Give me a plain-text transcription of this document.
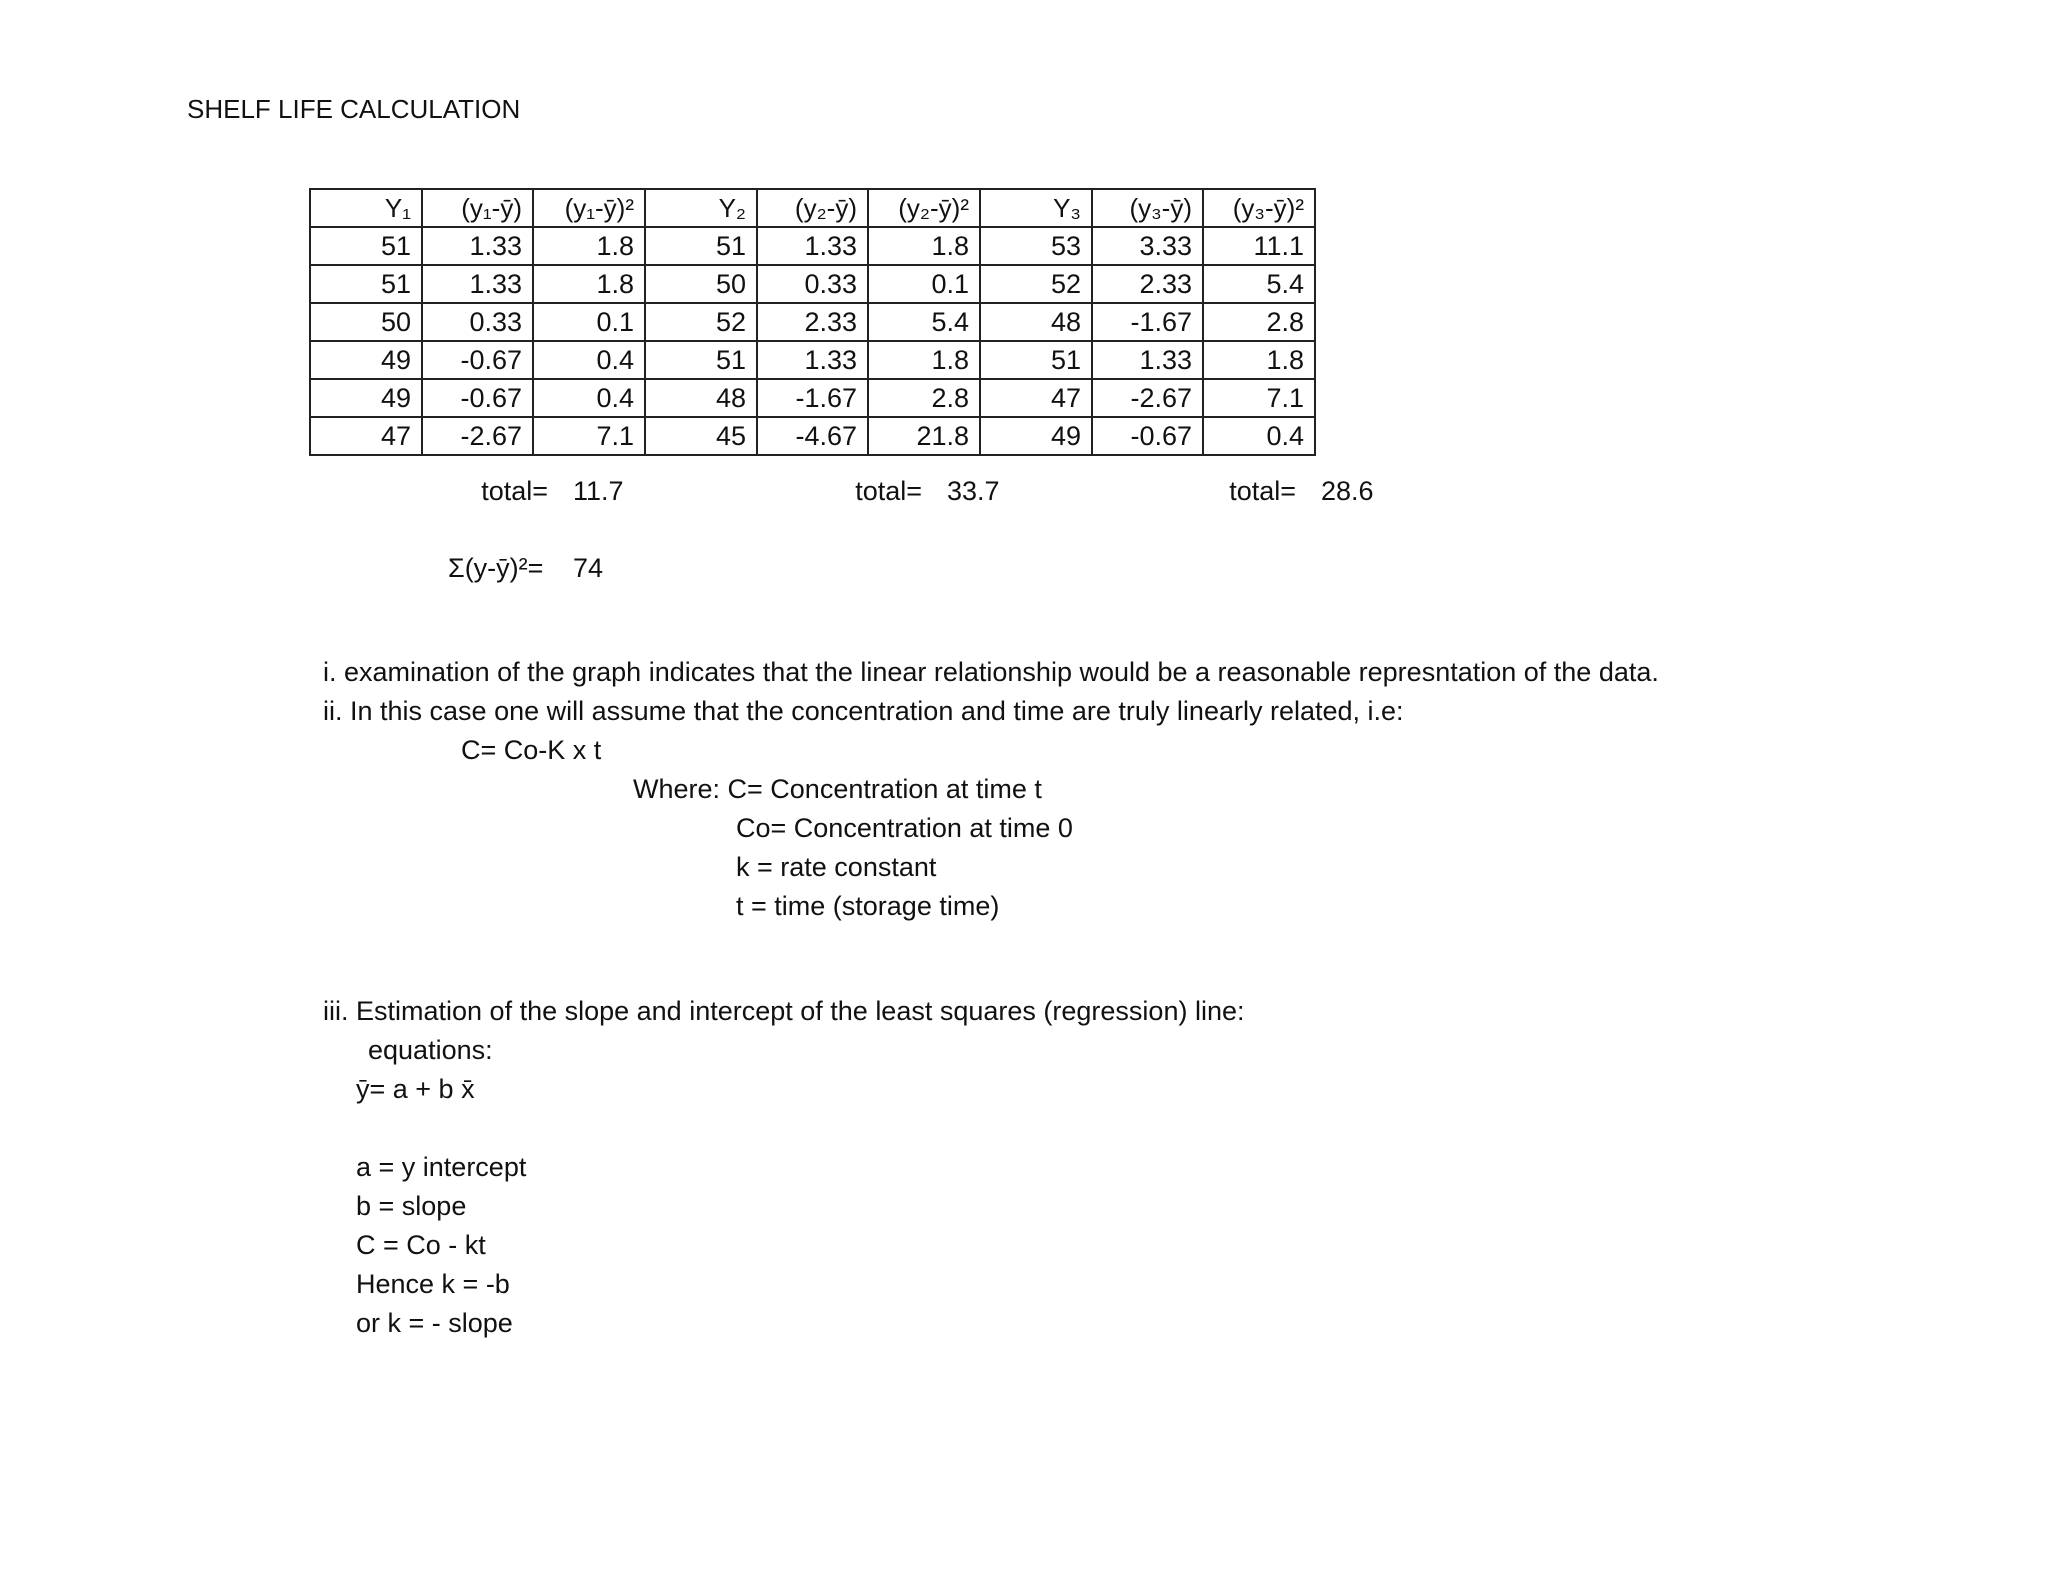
SHELF LIFE CALCULATION
Y₁	(y₁-ȳ)	(y₁-ȳ)²	Y₂	(y₂-ȳ)	(y₂-ȳ)²	Y₃	(y₃-ȳ)	(y₃-ȳ)²
51	1.33	1.8	51	1.33	1.8	53	3.33	11.1
51	1.33	1.8	50	0.33	0.1	52	2.33	5.4
50	0.33	0.1	52	2.33	5.4	48	-1.67	2.8
49	-0.67	0.4	51	1.33	1.8	51	1.33	1.8
49	-0.67	0.4	48	-1.67	2.8	47	-2.67	7.1
47	-2.67	7.1	45	-4.67	21.8	49	-0.67	0.4
total= 11.7	total= 33.7	total= 28.6
Σ(y-ȳ)²= 74
i. examination of the graph indicates that the linear relationship would be a reasonable represntation of the data.
ii. In this case one will assume that the concentration and time are truly linearly related, i.e:
C= Co-K x t
Where: C= Concentration at time t
Co= Concentration at time 0
k = rate constant
t = time (storage time)
iii. Estimation of the slope and intercept of the least squares (regression) line:
equations:
ȳ= a + b x̄
a = y intercept
b = slope
C = Co - kt
Hence k = -b
or k = - slope
